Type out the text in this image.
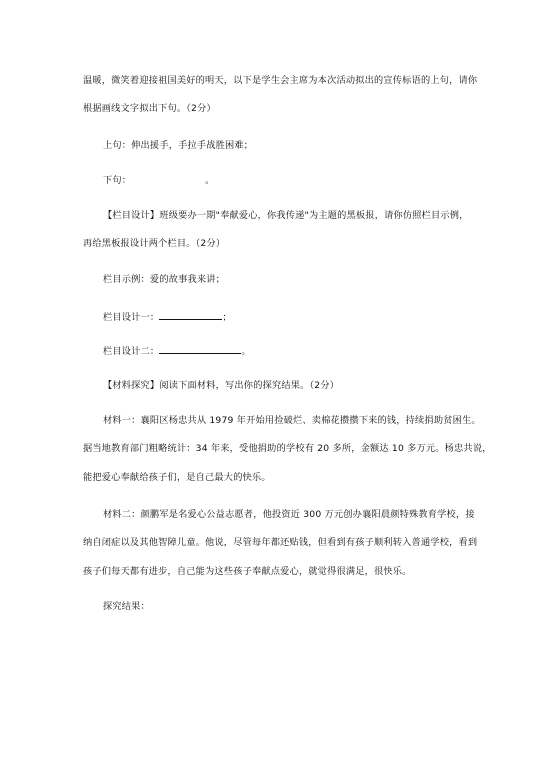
温暖，微笑着迎接祖国美好的明天，以下是学生会主席为本次活动拟出的宣传标语的上句，请你
根据画线文字拟出下句。（2分）
上句：伸出援手，手拉手战胜困难；
下句：	。
【栏目设计】班级要办一期"奉献爱心，你我传递"为主题的黑板报，请你仿照栏目示例，
再给黑板报设计两个栏目。（2分）
栏目示例：爱的故事我来讲；
栏目设计一：	；
栏目设计二：	。
【材料探究】阅读下面材料，写出你的探究结果。（2分）
材料一：襄阳区杨忠共从 1979 年开始用捡破烂、卖棉花攒攒下来的钱，持续捐助贫困生。
据当地教育部门粗略统计：34 年来，受他捐助的学校有 20 多所，金额达 10 多万元。杨忠共说，
能把爱心奉献给孩子们，是自己最大的快乐。
材料二：颜鹏军是名爱心公益志愿者，他投资近 300 万元创办襄阳晨颜特殊教育学校，接
纳自闭症以及其他智障儿童。他说，尽管每年都还贴钱，但看到有孩子顺利转入普通学校，看到
孩子们每天都有进步，自己能为这些孩子奉献点爱心，就觉得很满足，很快乐。
探究结果：
